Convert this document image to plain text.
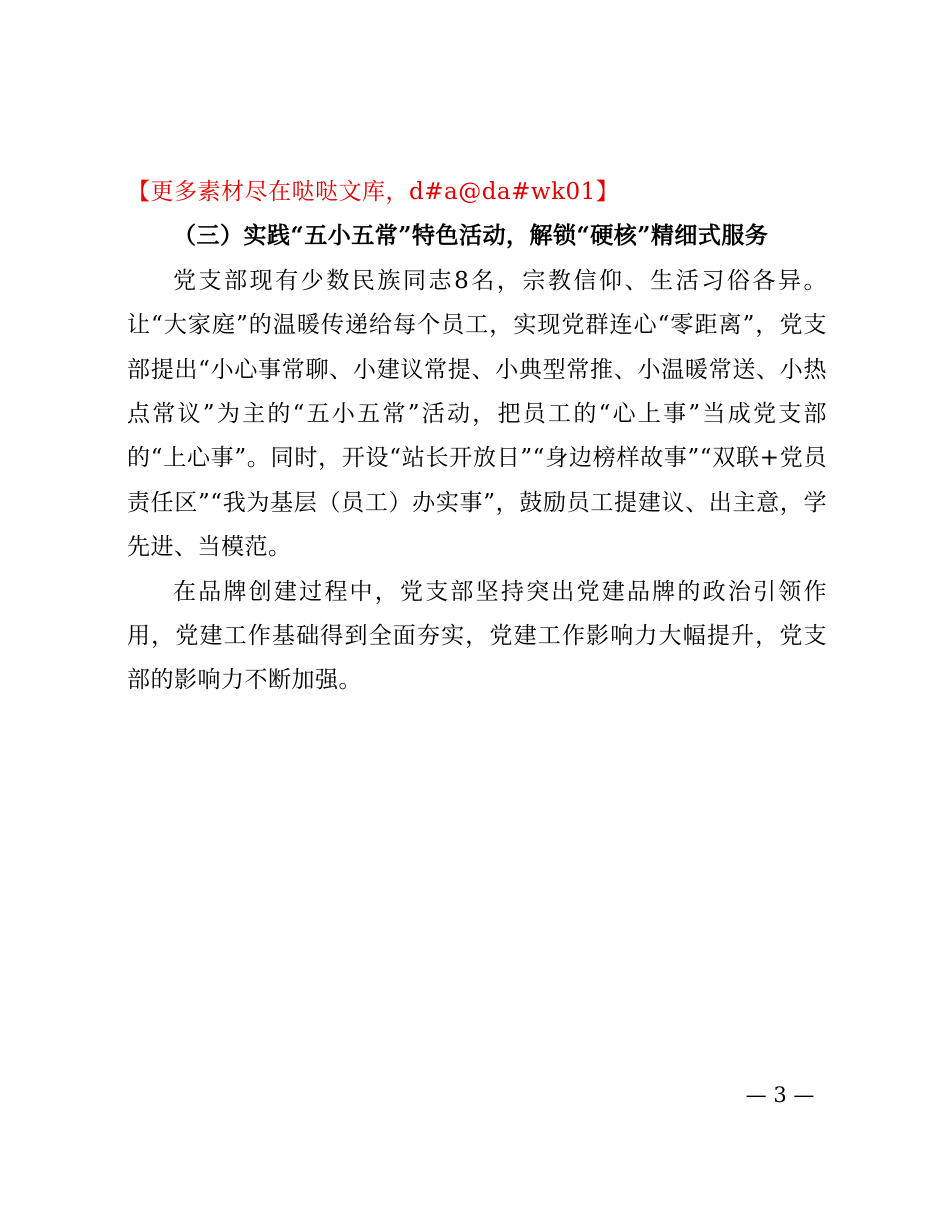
【更多素材尽在哒哒文库，d#a@da#wk01】

（三）实践“五小五常”特色活动，解锁“硬核”精细式服务

党支部现有少数民族同志8名，宗教信仰、生活习俗各异。让“大家庭”的温暖传递给每个员工，实现党群连心“零距离”，党支部提出“小心事常聊、小建议常提、小典型常推、小温暖常送、小热点常议”为主的“五小五常”活动，把员工的“心上事”当成党支部的“上心事”。同时，开设“站长开放日”“身边榜样故事”“双联+党员责任区”“我为基层（员工）办实事”，鼓励员工提建议、出主意，学先进、当模范。

在品牌创建过程中，党支部坚持突出党建品牌的政治引领作用，党建工作基础得到全面夯实，党建工作影响力大幅提升，党支部的影响力不断加强。

— 3 —
